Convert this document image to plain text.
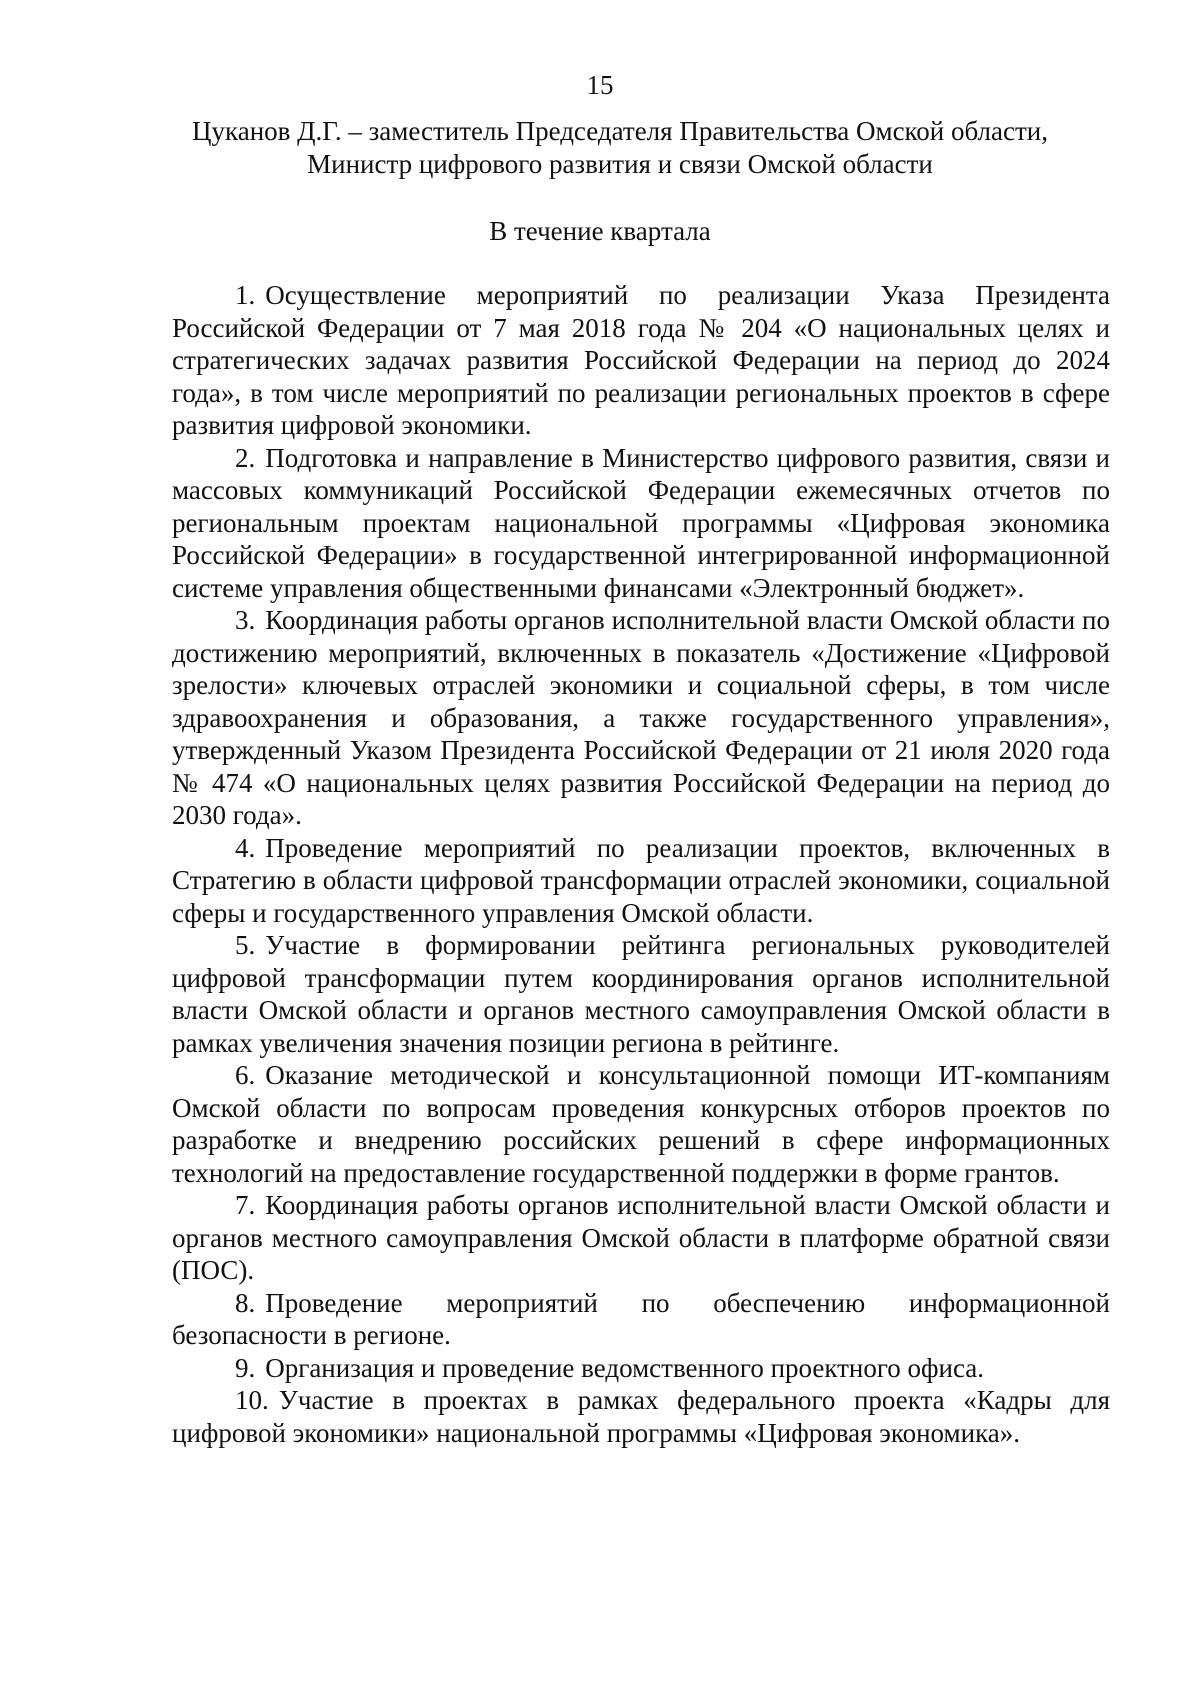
15
Цуканов Д.Г. – заместитель Председателя Правительства Омской области,
Министр цифрового развития и связи Омской области
В течение квартала

1. Осуществление мероприятий по реализации Указа Президента Российской Федерации от 7 мая 2018 года № 204 «О национальных целях и стратегических задачах развития Российской Федерации на период до 2024 года», в том числе мероприятий по реализации региональных проектов в сфере развития цифровой экономики.

2. Подготовка и направление в Министерство цифрового развития, связи и массовых коммуникаций Российской Федерации ежемесячных отчетов по региональным проектам национальной программы «Цифровая экономика Российской Федерации» в государственной интегрированной информационной системе управления общественными финансами «Электронный бюджет».

3. Координация работы органов исполнительной власти Омской области по достижению мероприятий, включенных в показатель «Достижение «Цифровой зрелости» ключевых отраслей экономики и социальной сферы, в том числе здравоохранения и образования, а также государственного управления», утвержденный Указом Президента Российской Федерации от 21 июля 2020 года № 474 «О национальных целях развития Российской Федерации на период до 2030 года».

4. Проведение мероприятий по реализации проектов, включенных в Стратегию в области цифровой трансформации отраслей экономики, социальной сферы и государственного управления Омской области.

5. Участие в формировании рейтинга региональных руководителей цифровой трансформации путем координирования органов исполнительной власти Омской области и органов местного самоуправления Омской области в рамках увеличения значения позиции региона в рейтинге.

6. Оказание методической и консультационной помощи ИТ-компаниям Омской области по вопросам проведения конкурсных отборов проектов по разработке и внедрению российских решений в сфере информационных технологий на предоставление государственной поддержки в форме грантов.

7. Координация работы органов исполнительной власти Омской области и органов местного самоуправления Омской области в платформе обратной связи (ПОС).

8. Проведение мероприятий по обеспечению информационной безопасности в регионе.

9. Организация и проведение ведомственного проектного офиса.

10. Участие в проектах в рамках федерального проекта «Кадры для цифровой экономики» национальной программы «Цифровая экономика».
